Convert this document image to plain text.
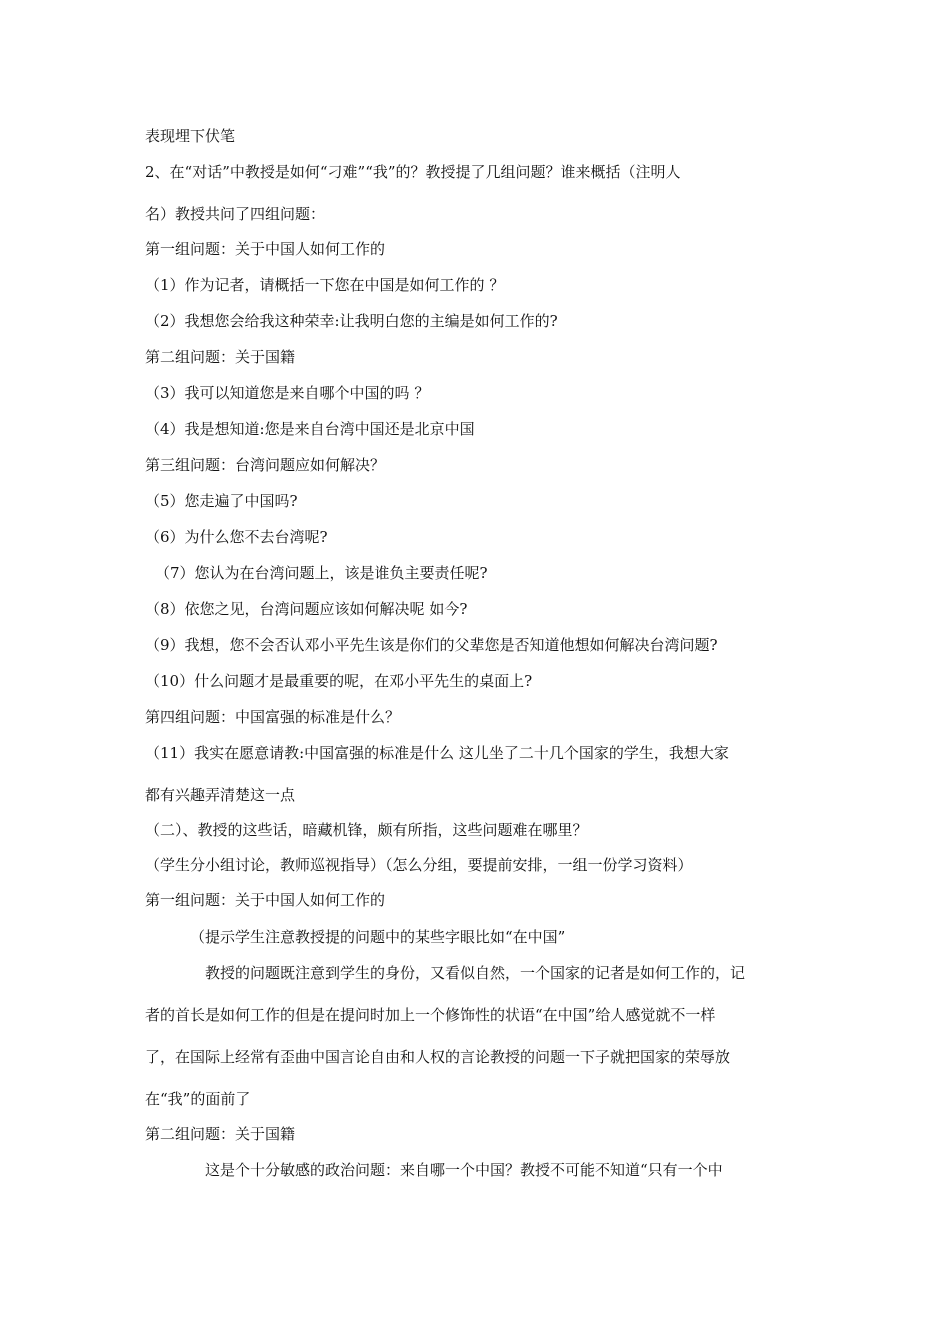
表现埋下伏笔
2、在“对话”中教授是如何“刁难”“我”的？教授提了几组问题？谁来概括（注明人
名）教授共问了四组问题：
第一组问题：关于中国人如何工作的
（1）作为记者，请概括一下您在中国是如何工作的 ？
（2）我想您会给我这种荣幸:让我明白您的主编是如何工作的?
第二组问题：关于国籍
（3）我可以知道您是来自哪个中国的吗 ？
（4）我是想知道:您是来自台湾中国还是北京中国
第三组问题：台湾问题应如何解决？
（5）您走遍了中国吗?
（6）为什么您不去台湾呢?
（7）您认为在台湾问题上，该是谁负主要责任呢?
（8）依您之见，台湾问题应该如何解决呢 如今?
（9）我想，您不会否认邓小平先生该是你们的父辈您是否知道他想如何解决台湾问题?
（10）什么问题才是最重要的呢，在邓小平先生的桌面上?
第四组问题：中国富强的标准是什么？
（11）我实在愿意请教:中国富强的标准是什么 这儿坐了二十几个国家的学生，我想大家
都有兴趣弄清楚这一点
（二）、教授的这些话，暗藏机锋，颇有所指，这些问题难在哪里？
（学生分小组讨论，教师巡视指导）（怎么分组，要提前安排，一组一份学习资料）
第一组问题：关于中国人如何工作的
（提示学生注意教授提的问题中的某些字眼比如“在中国”
教授的问题既注意到学生的身份，又看似自然，一个国家的记者是如何工作的，记
者的首长是如何工作的但是在提问时加上一个修饰性的状语“在中国”给人感觉就不一样
了，在国际上经常有歪曲中国言论自由和人权的言论教授的问题一下子就把国家的荣辱放
在“我”的面前了
第二组问题：关于国籍
这是个十分敏感的政治问题：来自哪一个中国？教授不可能不知道“只有一个中
